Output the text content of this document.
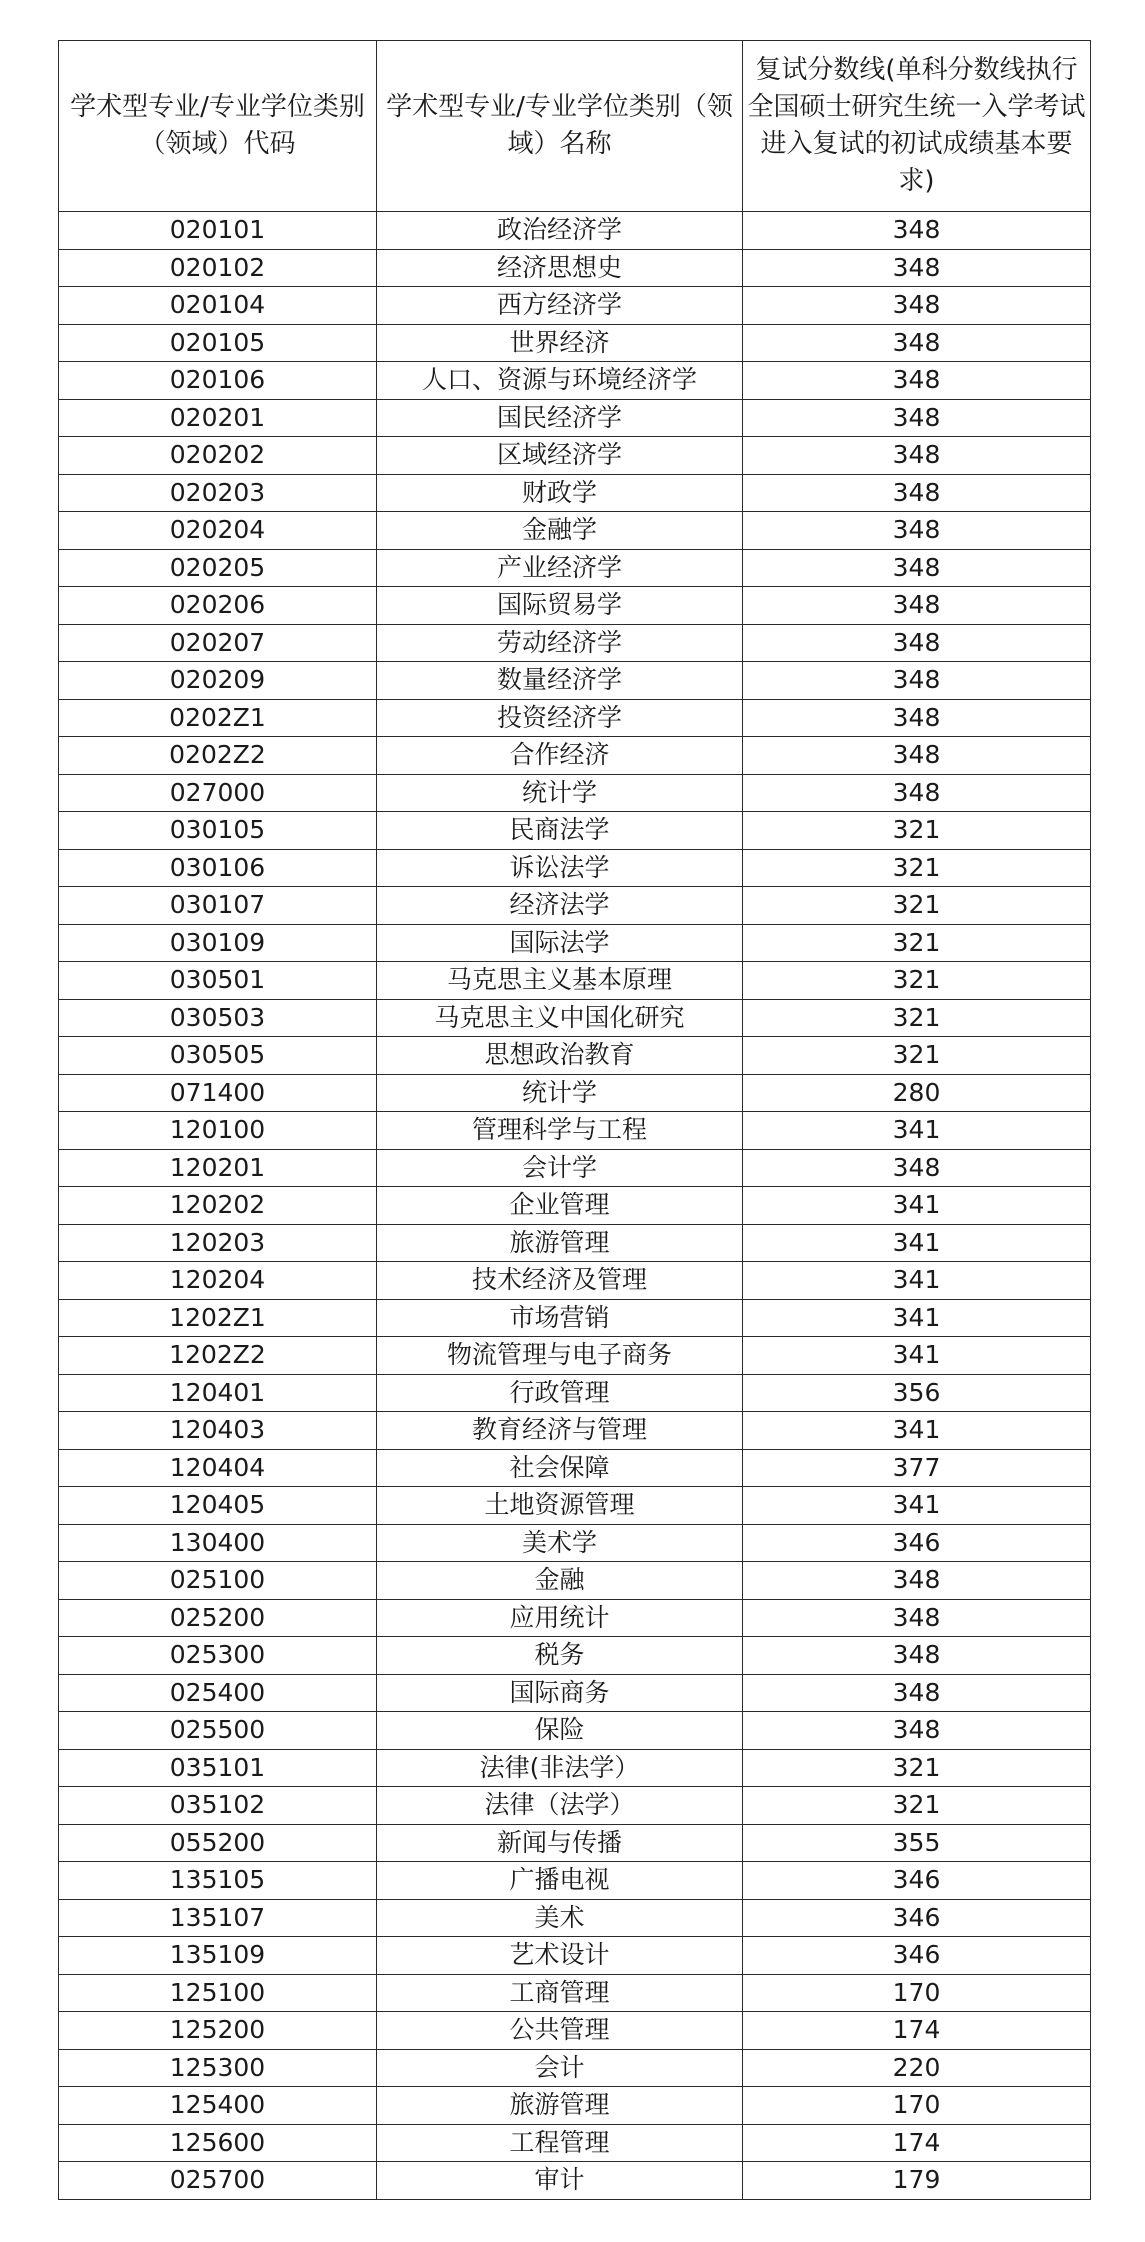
学术型专业/专业学位类别（领域）代码	学术型专业/专业学位类别（领域）名称	复试分数线(单科分数线执行全国硕士研究生统一入学考试进入复试的初试成绩基本要求)
020101	政治经济学	348
020102	经济思想史	348
020104	西方经济学	348
020105	世界经济	348
020106	人口、资源与环境经济学	348
020201	国民经济学	348
020202	区域经济学	348
020203	财政学	348
020204	金融学	348
020205	产业经济学	348
020206	国际贸易学	348
020207	劳动经济学	348
020209	数量经济学	348
0202Z1	投资经济学	348
0202Z2	合作经济	348
027000	统计学	348
030105	民商法学	321
030106	诉讼法学	321
030107	经济法学	321
030109	国际法学	321
030501	马克思主义基本原理	321
030503	马克思主义中国化研究	321
030505	思想政治教育	321
071400	统计学	280
120100	管理科学与工程	341
120201	会计学	348
120202	企业管理	341
120203	旅游管理	341
120204	技术经济及管理	341
1202Z1	市场营销	341
1202Z2	物流管理与电子商务	341
120401	行政管理	356
120403	教育经济与管理	341
120404	社会保障	377
120405	土地资源管理	341
130400	美术学	346
025100	金融	348
025200	应用统计	348
025300	税务	348
025400	国际商务	348
025500	保险	348
035101	法律(非法学）	321
035102	法律（法学）	321
055200	新闻与传播	355
135105	广播电视	346
135107	美术	346
135109	艺术设计	346
125100	工商管理	170
125200	公共管理	174
125300	会计	220
125400	旅游管理	170
125600	工程管理	174
025700	审计	179
